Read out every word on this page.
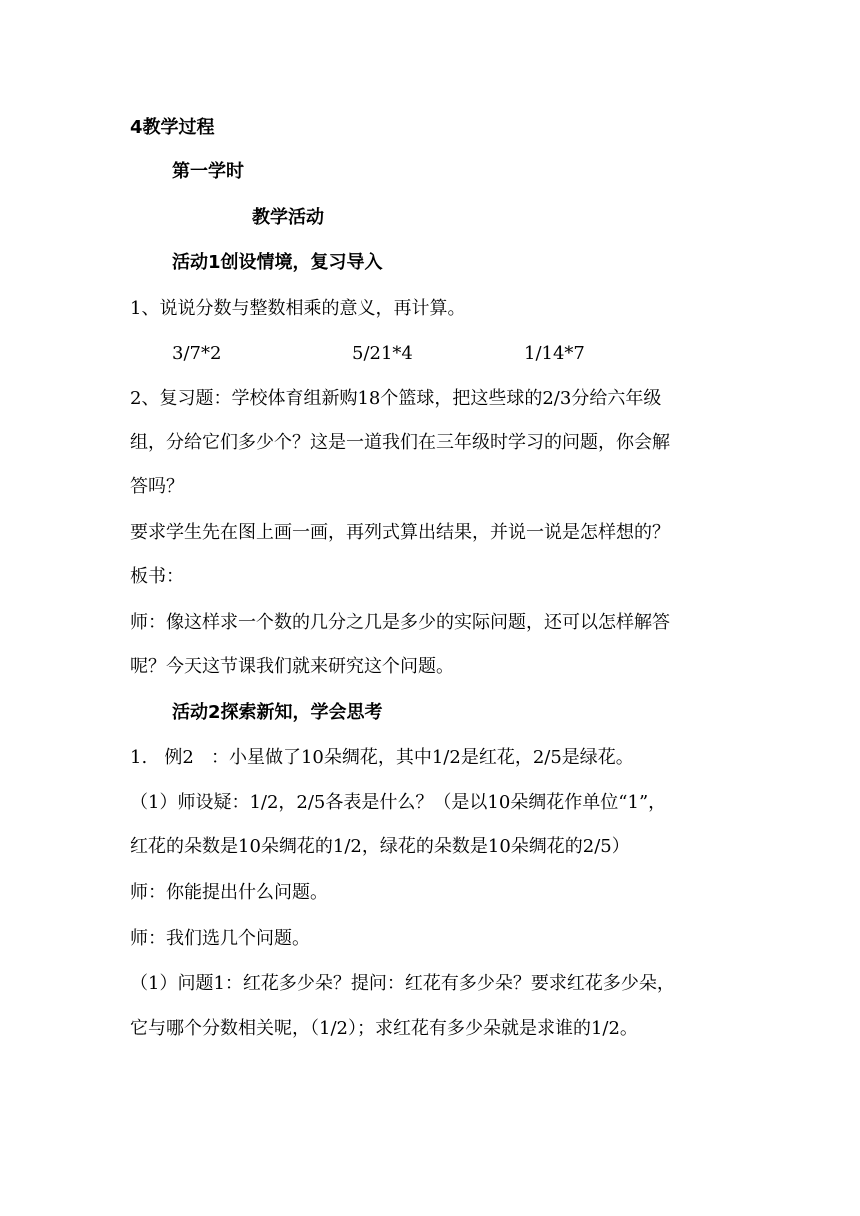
4教学过程
第一学时
教学活动
活动1创设情境，复习导入
1、说说分数与整数相乘的意义，再计算。
3/7*2	5/21*4	1/14*7
2、复习题：学校体育组新购18个篮球，把这些球的2/3分给六年级
组，分给它们多少个？这是一道我们在三年级时学习的问题，你会解
答吗？
要求学生先在图上画一画，再列式算出结果，并说一说是怎样想的？
板书：
师：像这样求一个数的几分之几是多少的实际问题，还可以怎样解答
呢？今天这节课我们就来研究这个问题。
活动2探索新知，学会思考
1.   例2   ：小星做了10朵绸花，其中1/2是红花，2/5是绿花。
（1）师设疑：1/2，2/5各表是什么？（是以10朵绸花作单位“1”，
红花的朵数是10朵绸花的1/2，绿花的朵数是10朵绸花的2/5）
师：你能提出什么问题。
师：我们选几个问题。
（1）问题1：红花多少朵？提问：红花有多少朵？要求红花多少朵，
它与哪个分数相关呢，（1/2）；求红花有多少朵就是求谁的1/2。
